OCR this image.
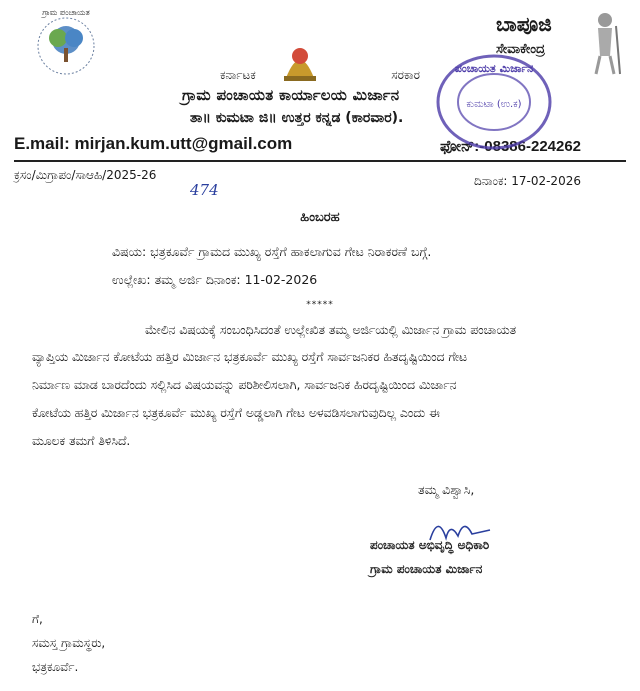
ಗ್ರಾಮ ಪಂಚಾಯತ	ಬಾಪೂಜಿ
ಸೇವಾಕೇಂದ್ರ
ಕರ್ನಾಟಕ	ಸರಕಾರ
ಗ್ರಾಮ ಪಂಚಾಯತ ಕಾರ್ಯಾಲಯ ಮಿರ್ಜಾನ
ತಾ॥ ಕುಮಟಾ ಜಿ॥ ಉತ್ತರ ಕನ್ನಡ (ಕಾರವಾರ).
E.mail: mirjan.kum.utt@gmail.com	ಫೋನ್:-08386-224262
ಪಂಚಾಯತ ಮಿರ್ಜಾನ
ಕುಮಟಾ (ಉ.ಕ)
ಕ್ರಸಂ/ಮಿಗ್ರಾಪಂ/ಸಾಆಹಿ/2025-26	ದಿನಾಂಕ: 17-02-2026
474
ಹಿಂಬರಹ
ವಿಷಯ: ಭತ್ರಕೂರ್ವೆ ಗ್ರಾಮದ ಮುಖ್ಯ ರಸ್ತೆಗೆ ಹಾಕಲಾಗುವ ಗೇಟ ನಿರಾಕರಣೆ ಬಗ್ಗೆ.
ಉಲ್ಲೇಖ: ತಮ್ಮ ಅರ್ಜಿ ದಿನಾಂಕ: 11-02-2026
*****
ಮೇಲಿನ ವಿಷಯಕ್ಕೆ ಸಂಬಂಧಿಸಿದಂತೆ ಉಲ್ಲೇಖಿತ ತಮ್ಮ ಅರ್ಜಿಯಲ್ಲಿ ಮಿರ್ಜಾನ ಗ್ರಾಮ ಪಂಚಾಯತ
ವ್ಯಾಪ್ತಿಯ ಮಿರ್ಜಾನ ಕೋಟೆಯ ಹತ್ತಿರ ಮಿರ್ಜಾನ ಭತ್ರಕೂರ್ವೆ ಮುಖ್ಯ ರಸ್ತೆಗೆ ಸಾರ್ವಜನಿಕರ ಹಿತದೃಷ್ಟಿಯಿಂದ ಗೇಟ
ನಿರ್ಮಾಣ ಮಾಡ ಬಾರದೆಂದು ಸಲ್ಲಿಸಿದ ವಿಷಯವನ್ನು ಪರಿಶೀಲಿಸಲಾಗಿ, ಸಾರ್ವಜನಿಕ ಹಿರದೃಷ್ಟಿಯಿಂದ ಮಿರ್ಜಾನ
ಕೋಟೆಯ ಹತ್ತಿರ ಮಿರ್ಜಾನ ಭತ್ರಕೂರ್ವೆ ಮುಖ್ಯ ರಸ್ತೆಗೆ ಅಡ್ಡಲಾಗಿ ಗೇಟ ಅಳವಡಿಸಲಾಗುವುದಿಲ್ಲ ಎಂದು ಈ
ಮೂಲಕ ತಮಗೆ ತಿಳಿಸಿದೆ.
ತಮ್ಮ ವಿಶ್ವಾಸಿ,
ಪಂಚಾಯತ ಅಭಿವೃದ್ಧಿ ಅಧಿಕಾರಿ
ಗ್ರಾಮ ಪಂಚಾಯತ ಮಿರ್ಜಾನ
ಗೆ,
ಸಮಸ್ತ ಗ್ರಾಮಸ್ಥರು,
ಭತ್ರಕೂರ್ವೆ.
